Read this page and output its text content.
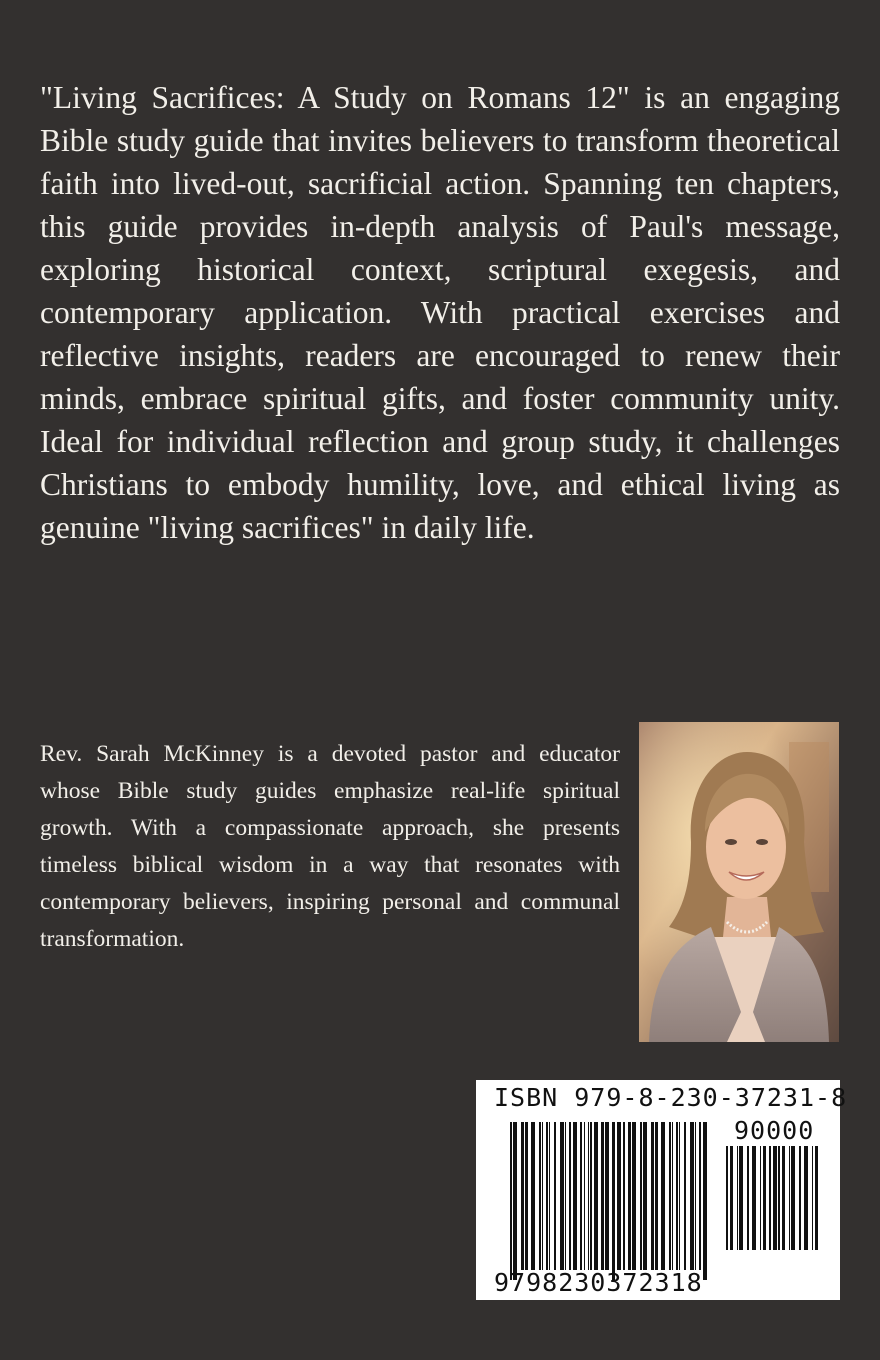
"Living Sacrifices: A Study on Romans 12" is an engaging Bible study guide that invites believers to transform theoretical faith into lived-out, sacrificial action. Spanning ten chapters, this guide provides in-depth analysis of Paul's message, exploring historical context, scriptural exegesis, and contemporary application. With practical exercises and reflective insights, readers are encouraged to renew their minds, embrace spiritual gifts, and foster community unity. Ideal for individual reflection and group study, it challenges Christians to embody humility, love, and ethical living as genuine "living sacrifices" in daily life.

Rev. Sarah McKinney is a devoted pastor and educator whose Bible study guides emphasize real-life spiritual growth. With a compassionate approach, she presents timeless biblical wisdom in a way that resonates with contemporary believers, inspiring personal and communal transformation.

ISBN 979-8-230-37231-8
90000
9798230372318
